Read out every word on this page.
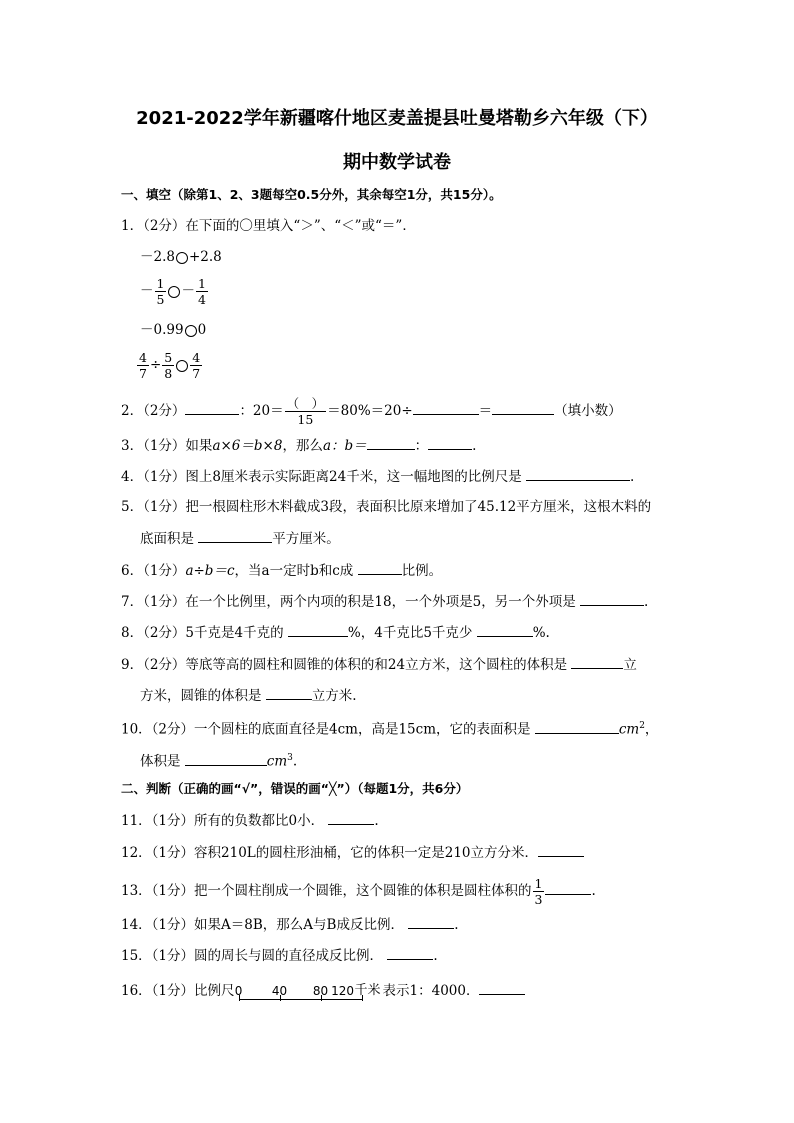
2021-2022学年新疆喀什地区麦盖提县吐曼塔勒乡六年级（下）
期中数学试卷
一、填空（除第1、2、3题每空0.5分外，其余每空1分，共15分）。
1．（2分）在下面的〇里填入“＞”、“＜”或“＝”．
－2.8 +2.8
－ $\frac{1}{5} - \frac{1}{4}$
－0.99 0
$\frac{4}{7} \div \frac{5}{8} \frac{4}{7}$
2．（2分）	：$20= \frac{( )}{15} =80\%=20\div$	＝	（填小数）
3．（1分）如果a×6＝b×8，那么a：b＝	：	.
4．（1分）图上8厘米表示实际距离24千米，这一幅地图的比例尺是	.
5．（1分）把一根圆柱形木料截成3段，表面积比原来增加了45.12平方厘米，这根木料的
底面积是	平方厘米。
6．（1分）a÷b＝c，当a一定时b和c成	比例。
7．（1分）在一个比例里，两个内项的积是18，一个外项是5，另一个外项是	.
8．（2分）5千克是4千克的	%，4千克比5千克少	%.
9．（2分）等底等高的圆柱和圆锥的体积的和24立方米，这个圆柱的体积是	立
方米，圆锥的体积是	立方米.
10．（2分）一个圆柱的底面直径是4cm，高是15cm，它的表面积是	$cm^2$，
体积是	$cm^3$.
二、判断（正确的画“√”，错误的画“╳”）（每题1分，共6分）
11．（1分）所有的负数都比0小．	.
12．（1分）容积210L的圆柱形油桶，它的体积一定是210立方分米．
13．（1分）把一个圆柱削成一个圆锥，这个圆锥的体积是圆柱体积的 $\frac{1}{3}$	.
14．（1分）如果A＝8B，那么A与B成反比例．	.
15．（1分）圆的周长与圆的直径成反比例．	.
16．（1分）比例尺 0 40 80 120 千米 表示1：4000．
